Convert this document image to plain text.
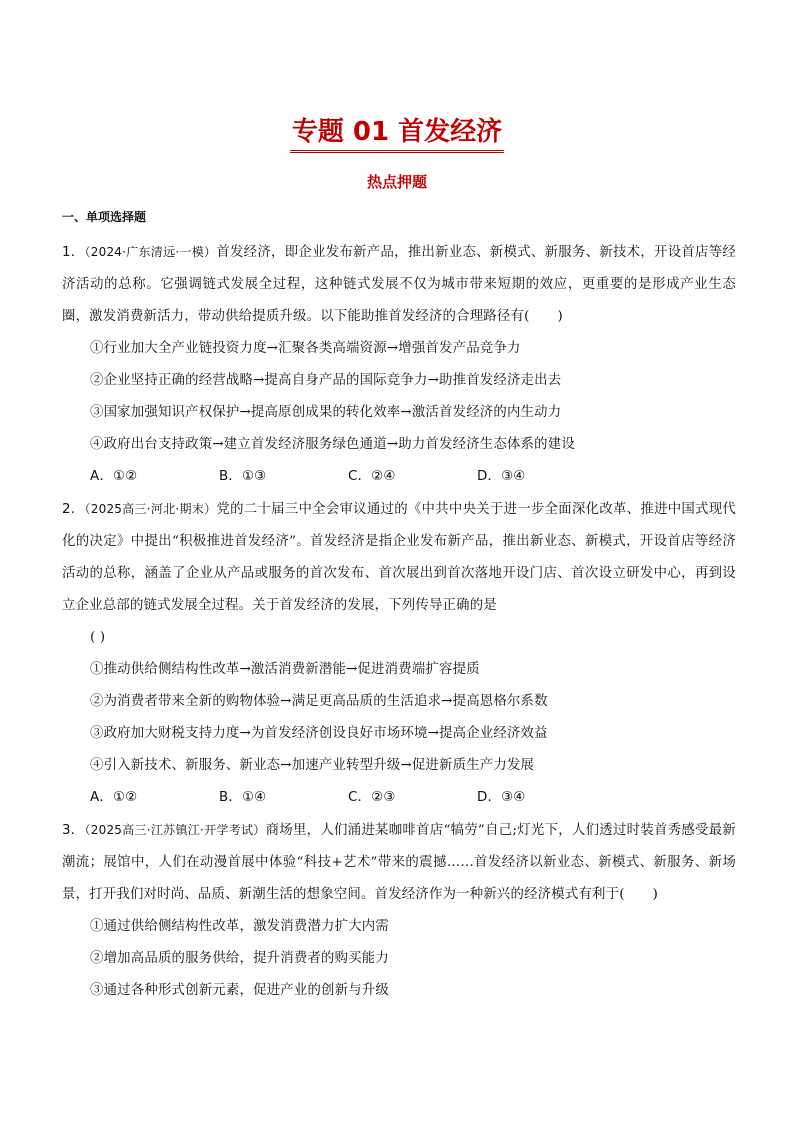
专题 01 首发经济
热点押题
一、单项选择题
1．（2024·广东清远·一模）首发经济，即企业发布新产品，推出新业态、新模式、新服务、新技术，开设首店等经济活动的总称。它强调链式发展全过程，这种链式发展不仅为城市带来短期的效应，更重要的是形成产业生态圈，激发消费新活力，带动供给提质升级。以下能助推首发经济的合理路径有( )
①行业加大全产业链投资力度→汇聚各类高端资源→增强首发产品竞争力
②企业坚持正确的经营战略→提高自身产品的国际竞争力→助推首发经济走出去
③国家加强知识产权保护→提高原创成果的转化效率→激活首发经济的内生动力
④政府出台支持政策→建立首发经济服务绿色通道→助力首发经济生态体系的建设
A．①②	B．①③	C．②④	D．③④
2．（2025高三·河北·期末）党的二十届三中全会审议通过的《中共中央关于进一步全面深化改革、推进中国式现代化的决定》中提出“积极推进首发经济”。首发经济是指企业发布新产品，推出新业态、新模式，开设首店等经济活动的总称，涵盖了企业从产品或服务的首次发布、首次展出到首次落地开设门店、首次设立研发中心，再到设立企业总部的链式发展全过程。关于首发经济的发展，下列传导正确的是
( )
①推动供给侧结构性改革→激活消费新潜能→促进消费端扩容提质
②为消费者带来全新的购物体验→满足更高品质的生活追求→提高恩格尔系数
③政府加大财税支持力度→为首发经济创设良好市场环境→提高企业经济效益
④引入新技术、新服务、新业态→加速产业转型升级→促进新质生产力发展
A．①②	B．①④	C．②③	D．③④
3．（2025高三·江苏镇江·开学考试）商场里，人们涌进某咖啡首店“犒劳”自己;灯光下，人们透过时装首秀感受最新潮流；展馆中，人们在动漫首展中体验“科技+艺术”带来的震撼……首发经济以新业态、新模式、新服务、新场景，打开我们对时尚、品质、新潮生活的想象空间。首发经济作为一种新兴的经济模式有利于( )
①通过供给侧结构性改革，激发消费潜力扩大内需
②增加高品质的服务供给，提升消费者的购买能力
③通过各种形式创新元素，促进产业的创新与升级
